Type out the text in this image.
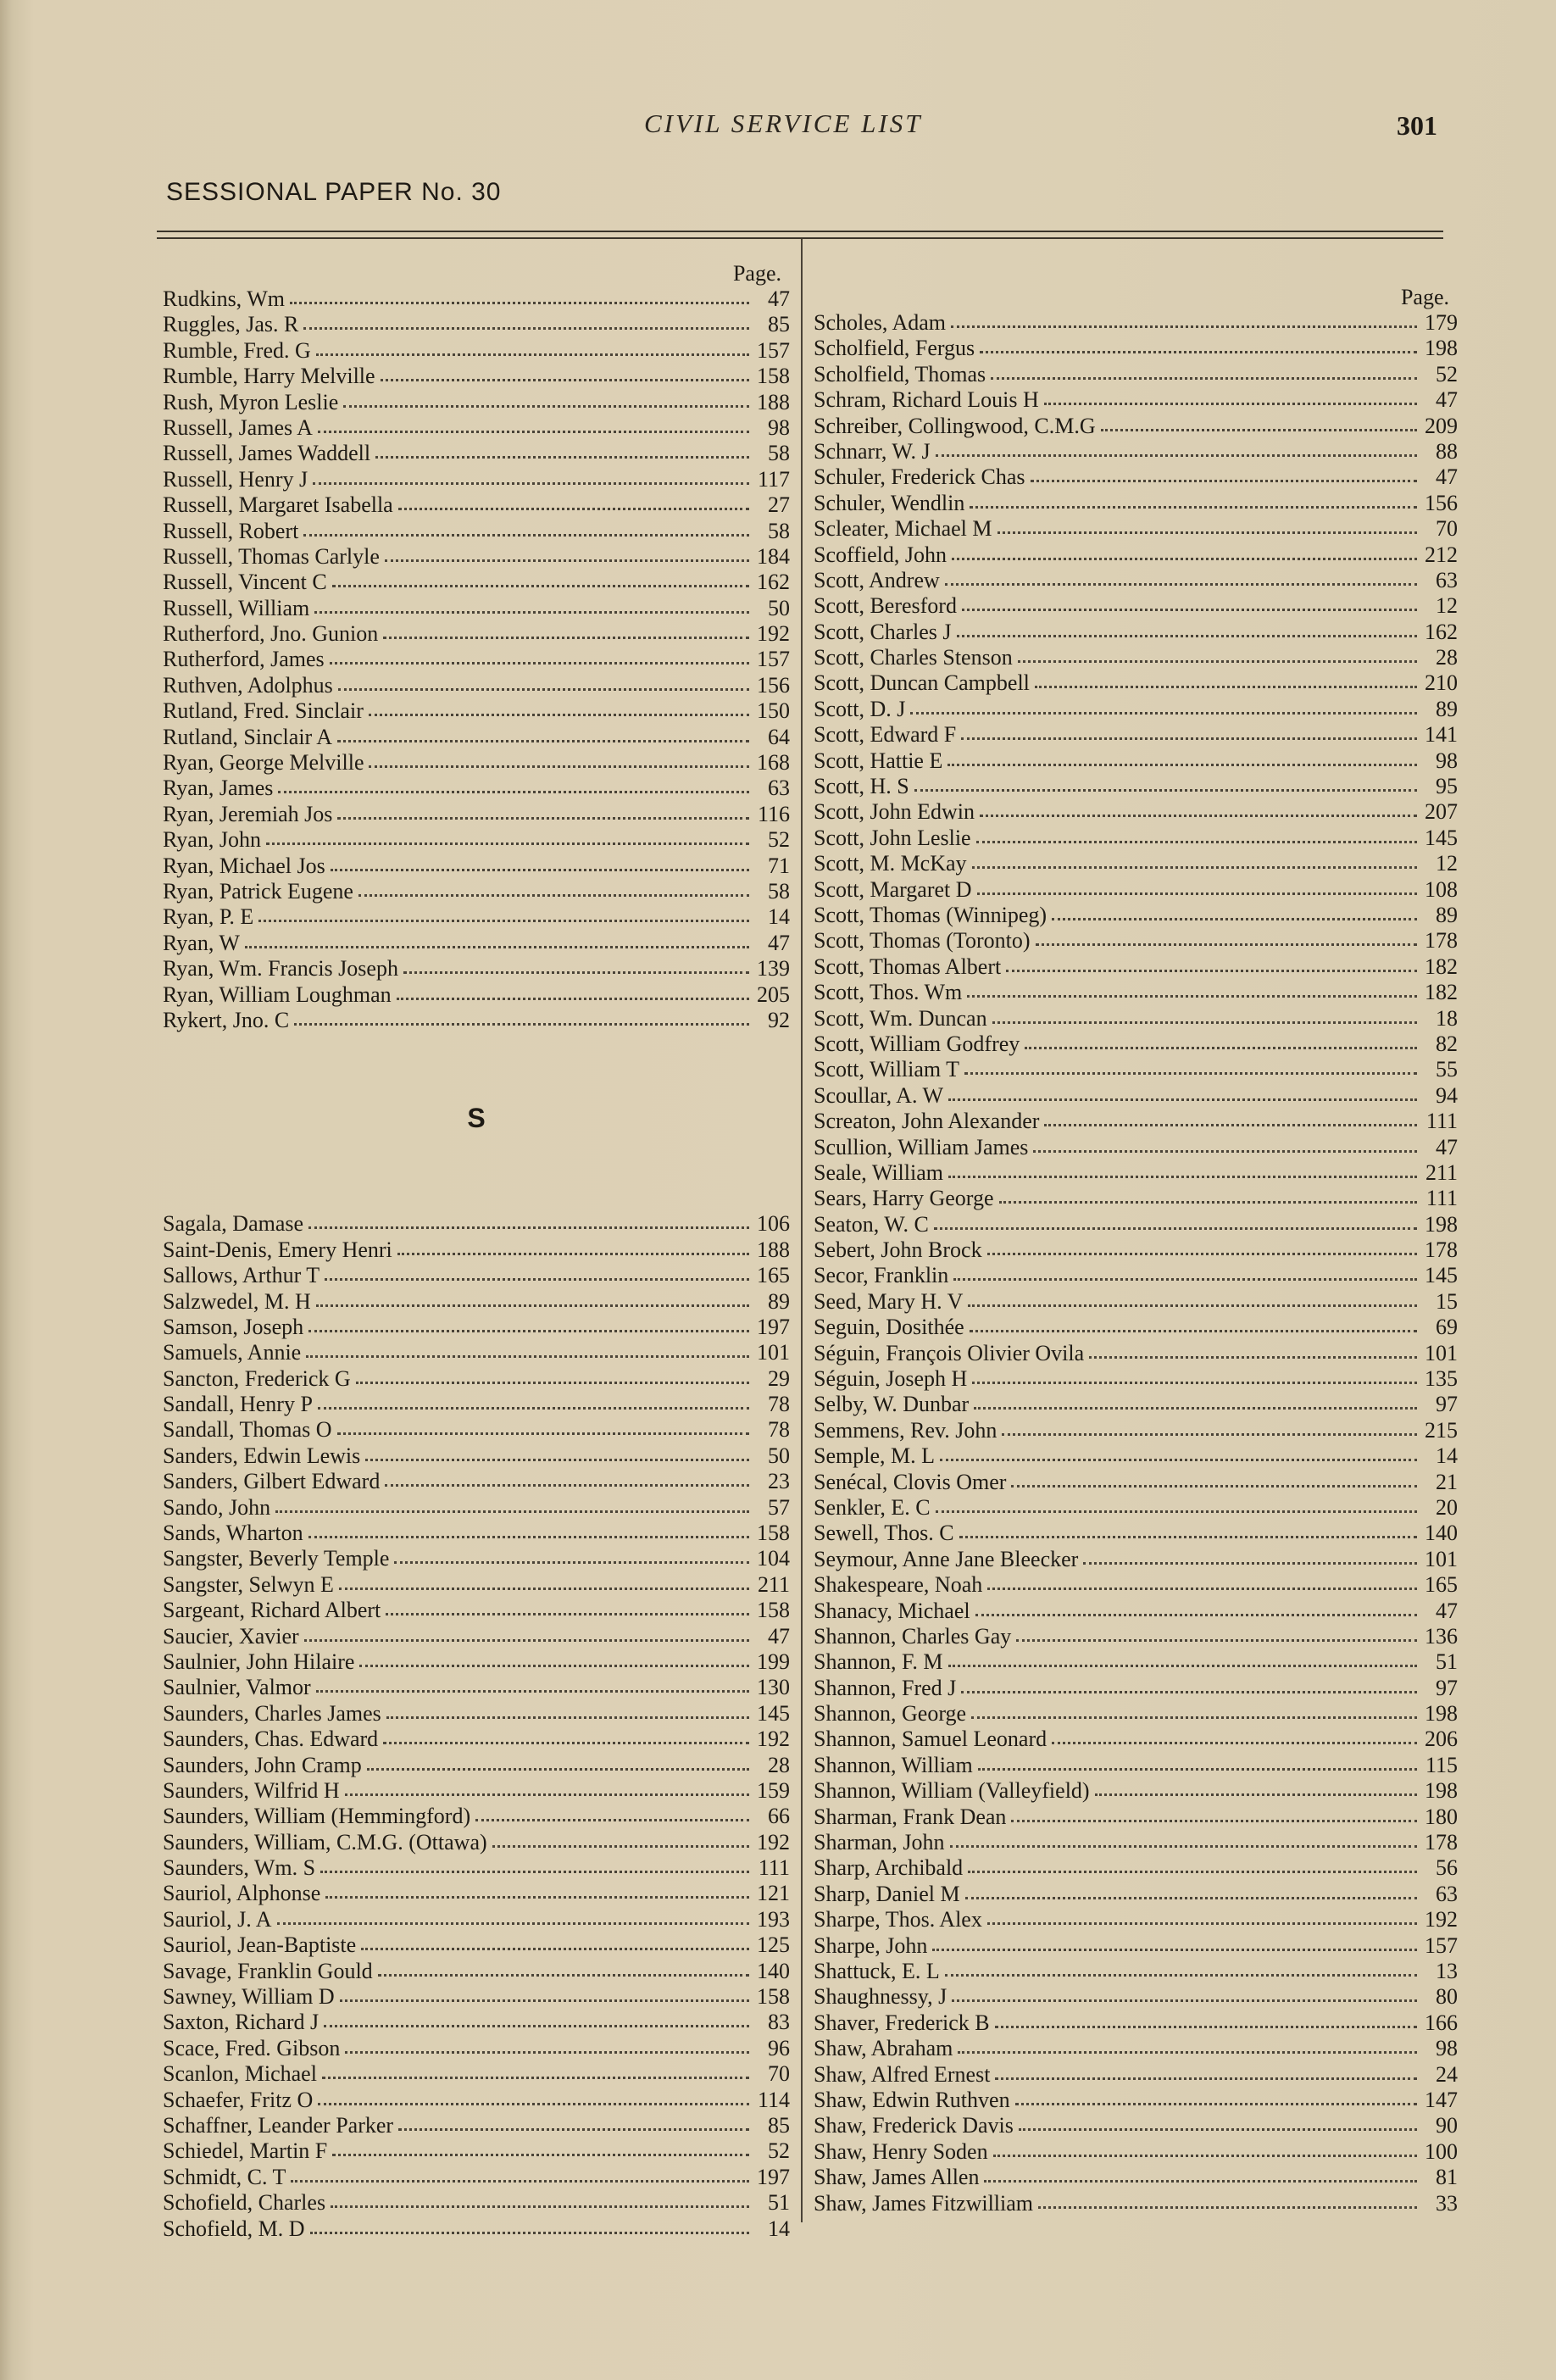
CIVIL SERVICE LIST	301
SESSIONAL PAPER No. 30
Page.
Rudkins, Wm	47
Ruggles, Jas. R	85
Rumble, Fred. G	157
Rumble, Harry Melville	158
Rush, Myron Leslie	188
Russell, James A	98
Russell, James Waddell	58
Russell, Henry J	117
Russell, Margaret Isabella	27
Russell, Robert	58
Russell, Thomas Carlyle	184
Russell, Vincent C	162
Russell, William	50
Rutherford, Jno. Gunion	192
Rutherford, James	157
Ruthven, Adolphus	156
Rutland, Fred. Sinclair	150
Rutland, Sinclair A	64
Ryan, George Melville	168
Ryan, James	63
Ryan, Jeremiah Jos	116
Ryan, John	52
Ryan, Michael Jos	71
Ryan, Patrick Eugene	58
Ryan, P. E	14
Ryan, W	47
Ryan, Wm. Francis Joseph	139
Ryan, William Loughman	205
Rykert, Jno. C	92
S
Sagala, Damase	106
Saint-Denis, Emery Henri	188
Sallows, Arthur T	165
Salzwedel, M. H	89
Samson, Joseph	197
Samuels, Annie	101
Sancton, Frederick G	29
Sandall, Henry P	78
Sandall, Thomas O	78
Sanders, Edwin Lewis	50
Sanders, Gilbert Edward	23
Sando, John	57
Sands, Wharton	158
Sangster, Beverly Temple	104
Sangster, Selwyn E	211
Sargeant, Richard Albert	158
Saucier, Xavier	47
Saulnier, John Hilaire	199
Saulnier, Valmor	130
Saunders, Charles James	145
Saunders, Chas. Edward	192
Saunders, John Cramp	28
Saunders, Wilfrid H	159
Saunders, William (Hemmingford)	66
Saunders, William, C.M.G. (Ottawa)	192
Saunders, Wm. S	111
Sauriol, Alphonse	121
Sauriol, J. A	193
Sauriol, Jean-Baptiste	125
Savage, Franklin Gould	140
Sawney, William D	158
Saxton, Richard J	83
Scace, Fred. Gibson	96
Scanlon, Michael	70
Schaefer, Fritz O	114
Schaffner, Leander Parker	85
Schiedel, Martin F	52
Schmidt, C. T	197
Schofield, Charles	51
Schofield, M. D	14
Page.
Scholes, Adam	179
Scholfield, Fergus	198
Scholfield, Thomas	52
Schram, Richard Louis H	47
Schreiber, Collingwood, C.M.G	209
Schnarr, W. J	88
Schuler, Frederick Chas	47
Schuler, Wendlin	156
Scleater, Michael M	70
Scoffield, John	212
Scott, Andrew	63
Scott, Beresford	12
Scott, Charles J	162
Scott, Charles Stenson	28
Scott, Duncan Campbell	210
Scott, D. J	89
Scott, Edward F	141
Scott, Hattie E	98
Scott, H. S	95
Scott, John Edwin	207
Scott, John Leslie	145
Scott, M. McKay	12
Scott, Margaret D	108
Scott, Thomas (Winnipeg)	89
Scott, Thomas (Toronto)	178
Scott, Thomas Albert	182
Scott, Thos. Wm	182
Scott, Wm. Duncan	18
Scott, William Godfrey	82
Scott, William T	55
Scoullar, A. W	94
Screaton, John Alexander	111
Scullion, William James	47
Seale, William	211
Sears, Harry George	111
Seaton, W. C	198
Sebert, John Brock	178
Secor, Franklin	145
Seed, Mary H. V	15
Seguin, Dosithée	69
Séguin, François Olivier Ovila	101
Séguin, Joseph H	135
Selby, W. Dunbar	97
Semmens, Rev. John	215
Semple, M. L	14
Senécal, Clovis Omer	21
Senkler, E. C	20
Sewell, Thos. C	140
Seymour, Anne Jane Bleecker	101
Shakespeare, Noah	165
Shanacy, Michael	47
Shannon, Charles Gay	136
Shannon, F. M	51
Shannon, Fred J	97
Shannon, George	198
Shannon, Samuel Leonard	206
Shannon, William	115
Shannon, William (Valleyfield)	198
Sharman, Frank Dean	180
Sharman, John	178
Sharp, Archibald	56
Sharp, Daniel M	63
Sharpe, Thos. Alex	192
Sharpe, John	157
Shattuck, E. L	13
Shaughnessy, J	80
Shaver, Frederick B	166
Shaw, Abraham	98
Shaw, Alfred Ernest	24
Shaw, Edwin Ruthven	147
Shaw, Frederick Davis	90
Shaw, Henry Soden	100
Shaw, James Allen	81
Shaw, James Fitzwilliam	33
